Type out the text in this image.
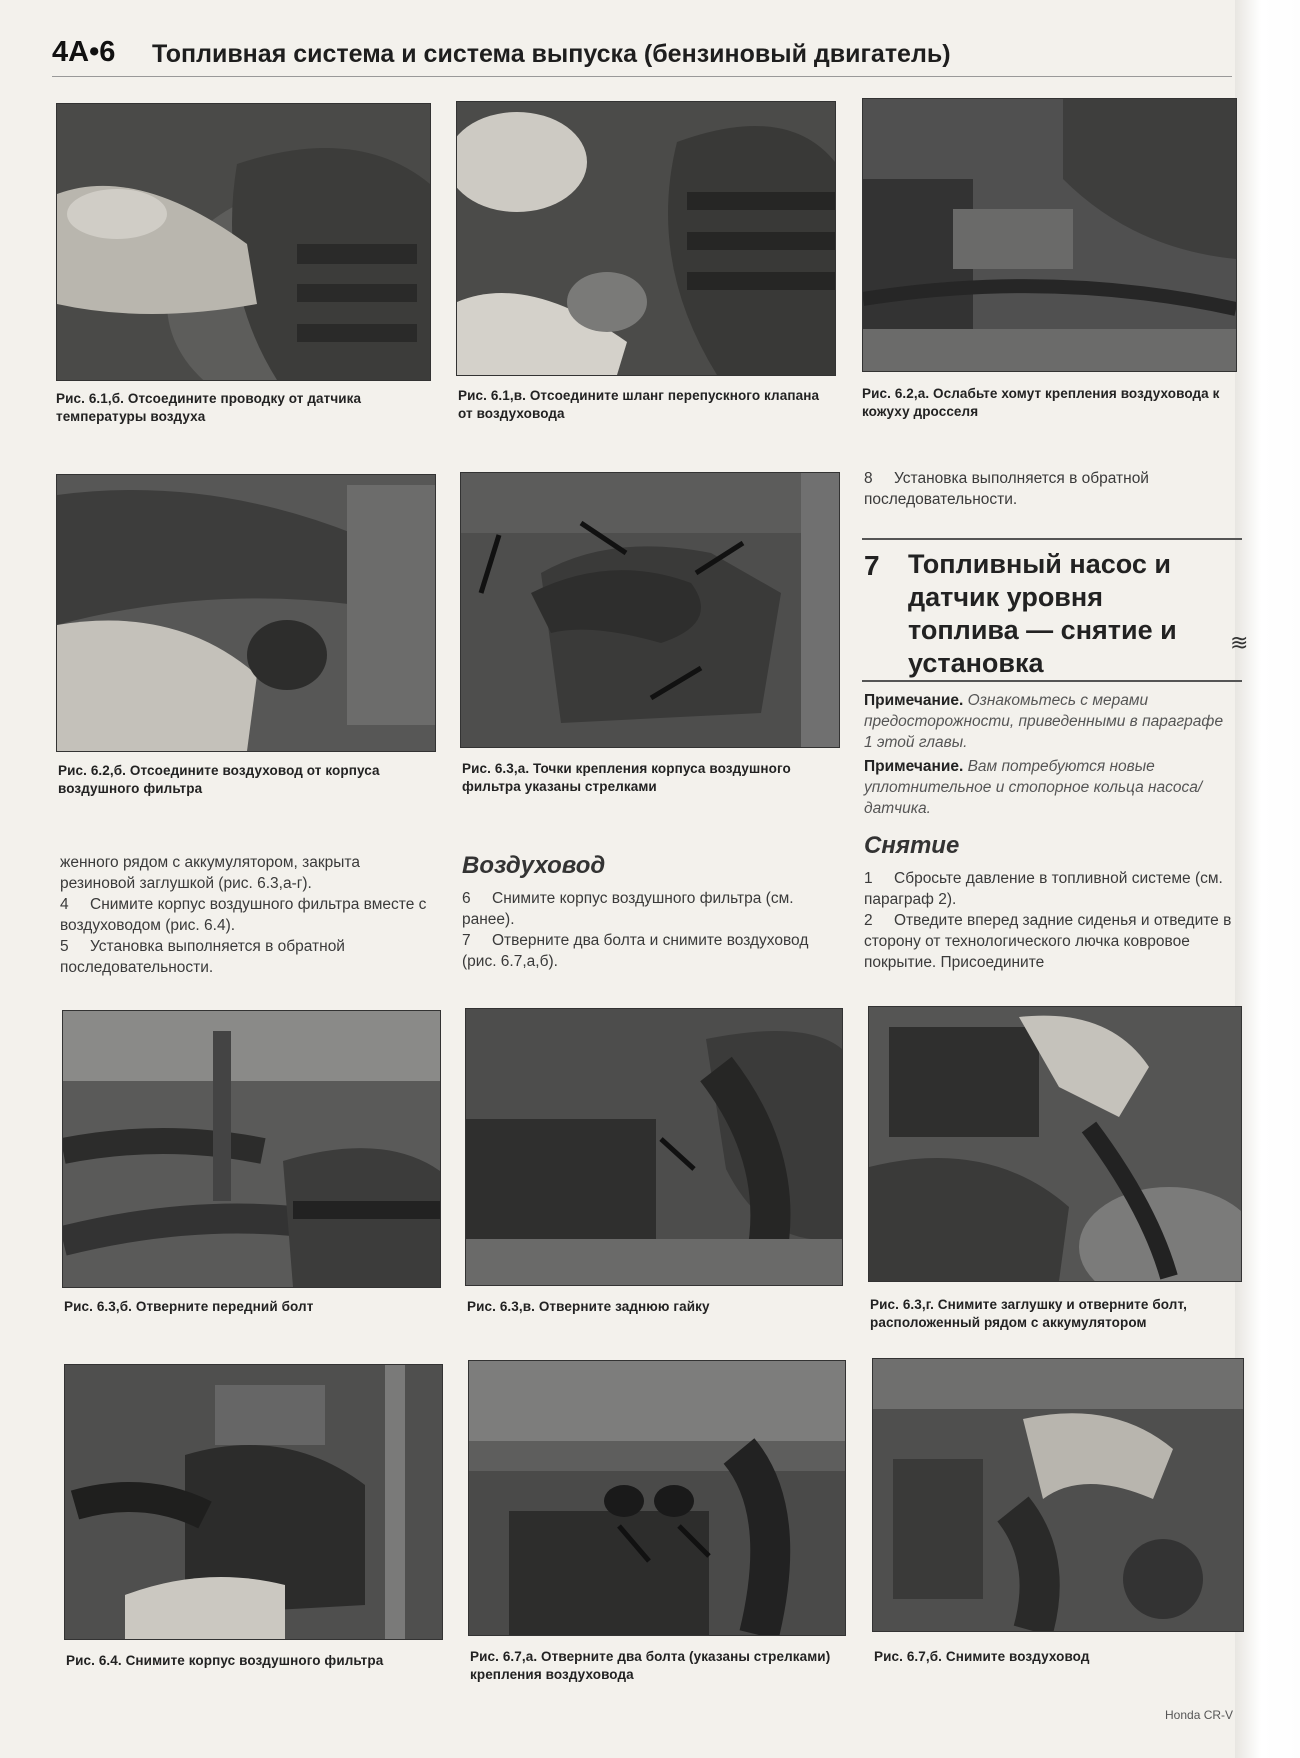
4A•6 Топливная система и система выпуска (бензиновый двигатель)
Рис. 6.1,б. Отсоедините проводку от датчика температуры воздуха
Рис. 6.1,в. Отсоедините шланг перепускного клапана от воздуховода
Рис. 6.2,а. Ослабьте хомут крепления воздуховода к кожуху дросселя
Рис. 6.2,б. Отсоедините воздуховод от корпуса воздушного фильтра
Рис. 6.3,а. Точки крепления корпуса воздушного фильтра указаны стрелками

8 Установка выполняется в обратной последовательности.

7 Топливный насос и датчик уровня топлива — снятие и установка
≋
Примечание. Ознакомьтесь с мерами предосторожности, приведенными в параграфе 1 этой главы.
Примечание. Вам потребуются новые уплотнительное и стопорное кольца насоса/датчика.
Снятие

1 Сбросьте давление в топливной системе (см. параграф 2).

2 Отведите вперед задние сиденья и отведите в сторону от технологического лючка ковровое покрытие. Присоедините

женного рядом с аккумулятором, закрыта

резиновой заглушкой (рис. 6.3,а-г).

4 Снимите корпус воздушного фильтра вместе с воздуховодом (рис. 6.4).

5 Установка выполняется в обратной последовательности.

Воздуховод

6 Снимите корпус воздушного фильтра (см. ранее).

7 Отверните два болта и снимите воздуховод (рис. 6.7,а,б).

Рис. 6.3,б. Отверните передний болт	Рис. 6.3,в. Отверните заднюю гайку	Рис. 6.3,г. Снимите заглушку и отверните болт, расположенный рядом с аккумулятором
Рис. 6.4. Снимите корпус воздушного фильтра	Рис. 6.7,а. Отверните два болта (указаны стрелками) крепления воздуховода
Рис. 6.7,б. Снимите воздуховод
Honda CR-V
